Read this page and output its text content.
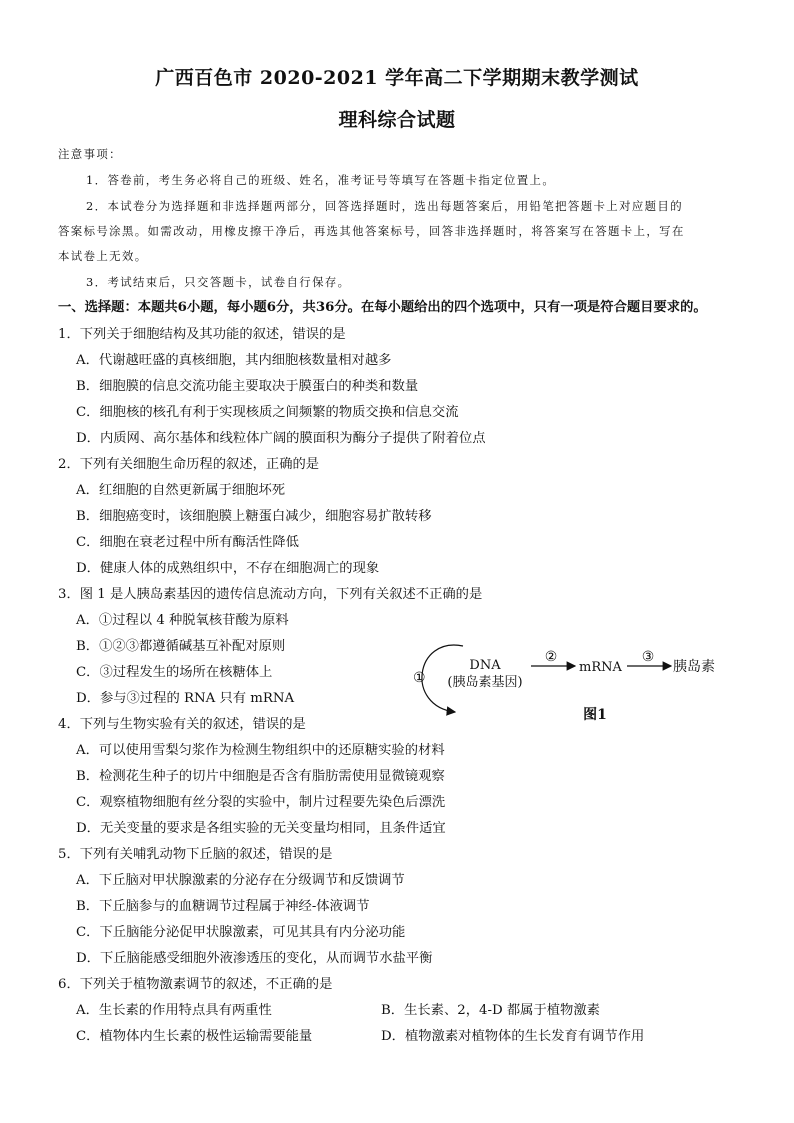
广西百色市 2020-2021 学年高二下学期期末教学测试
理科综合试题
注意事项：
1．答卷前，考生务必将自己的班级、姓名，准考证号等填写在答题卡指定位置上。
2．本试卷分为选择题和非选择题两部分，回答选择题时，选出每题答案后，用铅笔把答题卡上对应题目的
答案标号涂黑。如需改动，用橡皮擦干净后，再选其他答案标号，回答非选择题时，将答案写在答题卡上，写在
本试卷上无效。
3．考试结束后，只交答题卡，试卷自行保存。
一、选择题：本题共6小题，每小题6分，共36分。在每小题给出的四个选项中，只有一项是符合题目要求的。
1．下列关于细胞结构及其功能的叙述，错误的是
A．代谢越旺盛的真核细胞，其内细胞核数量相对越多
B．细胞膜的信息交流功能主要取决于膜蛋白的种类和数量
C．细胞核的核孔有利于实现核质之间频繁的物质交换和信息交流
D．内质网、高尔基体和线粒体广阔的膜面积为酶分子提供了附着位点
2．下列有关细胞生命历程的叙述，正确的是
A．红细胞的自然更新属于细胞坏死
B．细胞癌变时，该细胞膜上糖蛋白减少，细胞容易扩散转移
C．细胞在衰老过程中所有酶活性降低
D．健康人体的成熟组织中，不存在细胞凋亡的现象
3．图 1 是人胰岛素基因的遗传信息流动方向，下列有关叙述不正确的是
A．①过程以 4 种脱氧核苷酸为原料
B．①②③都遵循碱基互补配对原则
C．③过程发生的场所在核糖体上
D．参与③过程的 RNA 只有 mRNA
①
DNA
(胰岛素基因)
②
mRNA
③
胰岛素
图1
4．下列与生物实验有关的叙述，错误的是
A．可以使用雪梨匀浆作为检测生物组织中的还原糖实验的材料
B．检测花生种子的切片中细胞是否含有脂肪需使用显微镜观察
C．观察植物细胞有丝分裂的实验中，制片过程要先染色后漂洗
D．无关变量的要求是各组实验的无关变量均相同，且条件适宜
5．下列有关哺乳动物下丘脑的叙述，错误的是
A．下丘脑对甲状腺激素的分泌存在分级调节和反馈调节
B．下丘脑参与的血糖调节过程属于神经-体液调节
C．下丘脑能分泌促甲状腺激素，可见其具有内分泌功能
D．下丘脑能感受细胞外液渗透压的变化，从而调节水盐平衡
6．下列关于植物激素调节的叙述，不正确的是
A．生长素的作用特点具有两重性	B．生长素、2，4-D 都属于植物激素
C．植物体内生长素的极性运输需要能量	D．植物激素对植物体的生长发育有调节作用
